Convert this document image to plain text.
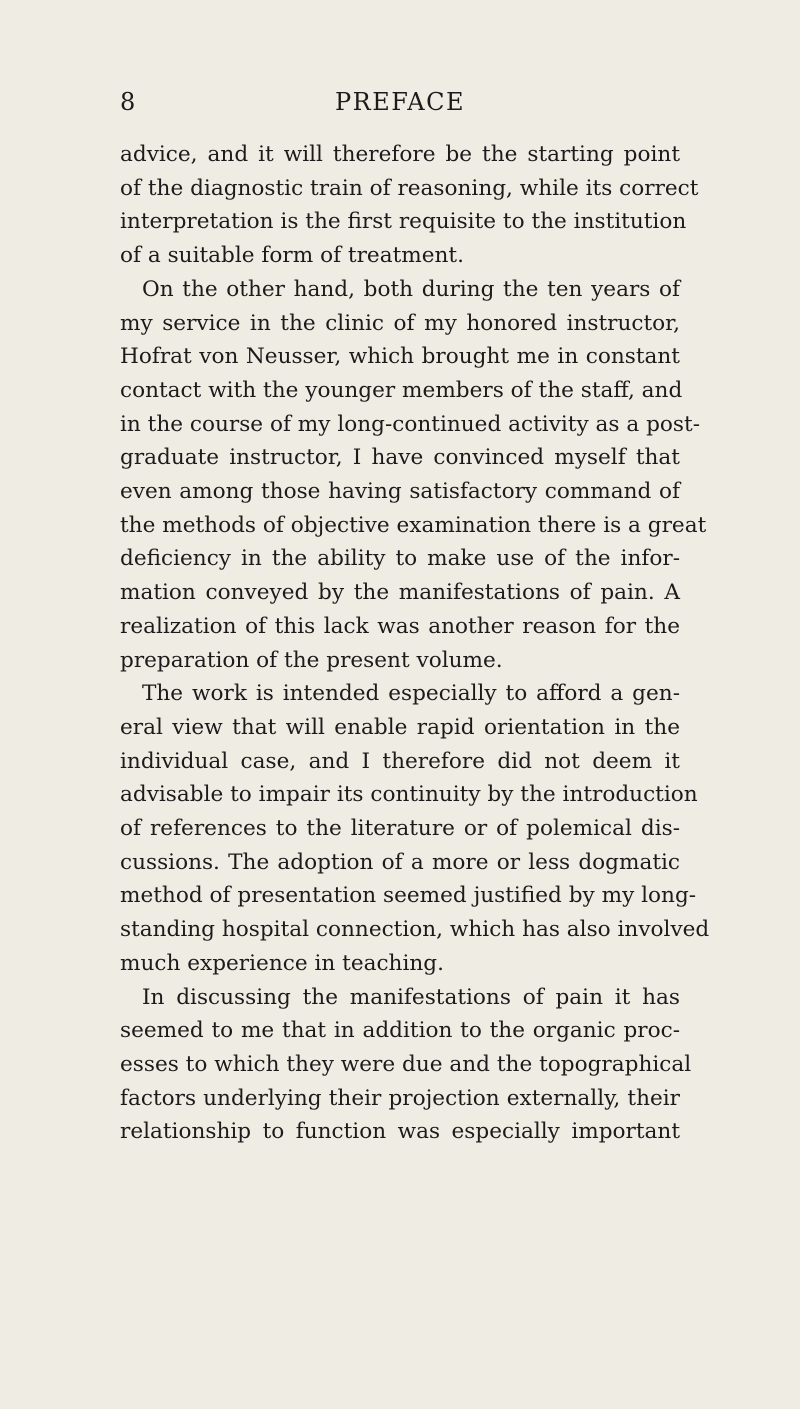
8	PREFACE
advice, and it will therefore be the starting point
of the diagnostic train of reasoning, while its correct
interpretation is the first requisite to the institution
of a suitable form of treatment.
On the other hand, both during the ten years of
my service in the clinic of my honored instructor,
Hofrat von Neusser, which brought me in constant
contact with the younger members of the staff, and
in the course of my long-continued activity as a post-
graduate instructor, I have convinced myself that
even among those having satisfactory command of
the methods of objective examination there is a great
deficiency in the ability to make use of the infor-
mation conveyed by the manifestations of pain. A
realization of this lack was another reason for the
preparation of the present volume.
The work is intended especially to afford a gen-
eral view that will enable rapid orientation in the
individual case, and I therefore did not deem it
advisable to impair its continuity by the introduction
of references to the literature or of polemical dis-
cussions. The adoption of a more or less dogmatic
method of presentation seemed justified by my long-
standing hospital connection, which has also involved
much experience in teaching.
In discussing the manifestations of pain it has
seemed to me that in addition to the organic proc-
esses to which they were due and the topographical
factors underlying their projection externally, their
relationship to function was especially important
